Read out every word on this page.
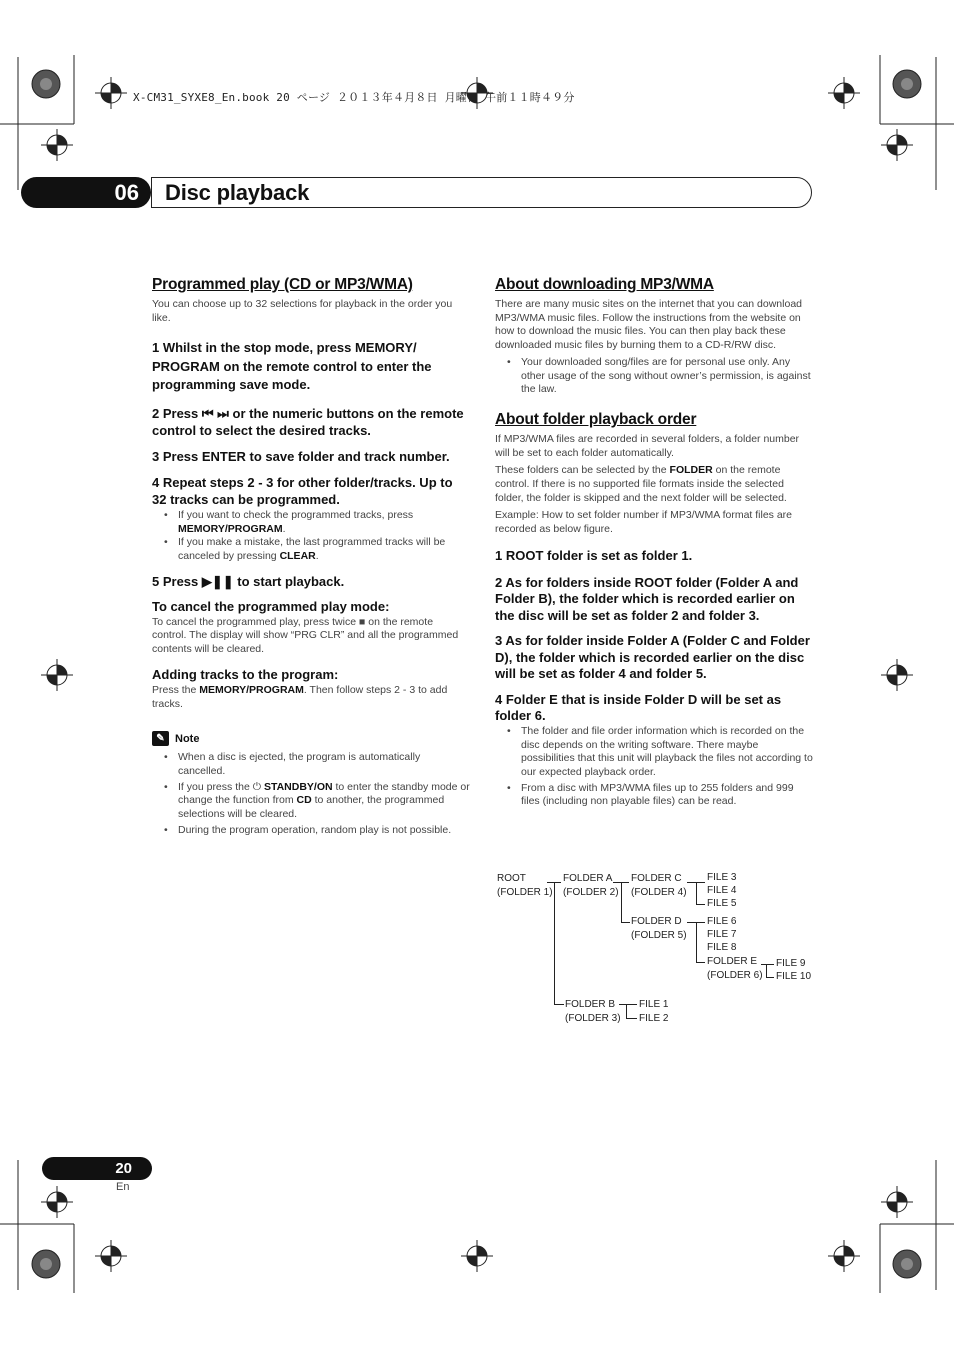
X-CM31_SYXE8_En.book 20 ページ ２０１３年４月８日 月曜日 午前１１時４９分
06	Disc playback
Programmed play (CD or MP3/WMA)

You can choose up to 32 selections for playback in the order you like.

1 Whilst in the stop mode, press MEMORY/ PROGRAM on the remote control to enter the programming save mode.

2 Press ⏮ ⏭ or the numeric buttons on the remote control to select the desired tracks.

3 Press ENTER to save folder and track number.

4 Repeat steps 2 - 3 for other folder/tracks. Up to 32 tracks can be programmed.

• If you want to check the programmed tracks, press MEMORY/PROGRAM.
• If you make a mistake, the last programmed tracks will be canceled by pressing CLEAR.

5 Press ▶❚❚ to start playback.

To cancel the programmed play mode:

To cancel the programmed play, press twice ■ on the remote control. The display will show “PRG CLR” and all the programmed contents will be cleared.

Adding tracks to the program:

Press the MEMORY/PROGRAM. Then follow steps 2 - 3 to add tracks.

✎ Note
• When a disc is ejected, the program is automatically cancelled.
• If you press the ⏻ STANDBY/ON to enter the standby mode or change the function from CD to another, the programmed selections will be cleared.
• During the program operation, random play is not possible.
About downloading MP3/WMA

There are many music sites on the internet that you can download MP3/WMA music files. Follow the instructions from the website on how to download the music files. You can then play back these downloaded music files by burning them to a CD-R/RW disc.

• Your downloaded song/files are for personal use only. Any other usage of the song without owner’s permission, is against the law.
About folder playback order

If MP3/WMA files are recorded in several folders, a folder number will be set to each folder automatically.

These folders can be selected by the FOLDER on the remote control. If there is no supported file formats inside the selected folder, the folder is skipped and the next folder will be selected.

Example: How to set folder number if MP3/WMA format files are recorded as below figure.

1 ROOT folder is set as folder 1.

2 As for folders inside ROOT folder (Folder A and Folder B), the folder which is recorded earlier on the disc will be set as folder 2 and folder 3.

3 As for folder inside Folder A (Folder C and Folder D), the folder which is recorded earlier on the disc will be set as folder 4 and folder 5.

4 Folder E that is inside Folder D will be set as folder 6.

• The folder and file order information which is recorded on the disc depends on the writing software. There maybe possibilities that this unit will playback the files not according to our expected playback order.
• From a disc with MP3/WMA files up to 255 folders and 999 files (including non playable files) can be read.
ROOT
(FOLDER 1)
FOLDER A
(FOLDER 2)
FOLDER C
(FOLDER 4)
FOLDER D
(FOLDER 5)
FOLDER E
(FOLDER 6)
FOLDER B
(FOLDER 3)
FILE 3
FILE 4
FILE 5
FILE 6
FILE 7
FILE 8
FILE 9
FILE 10
FILE 1
FILE 2
20
En
